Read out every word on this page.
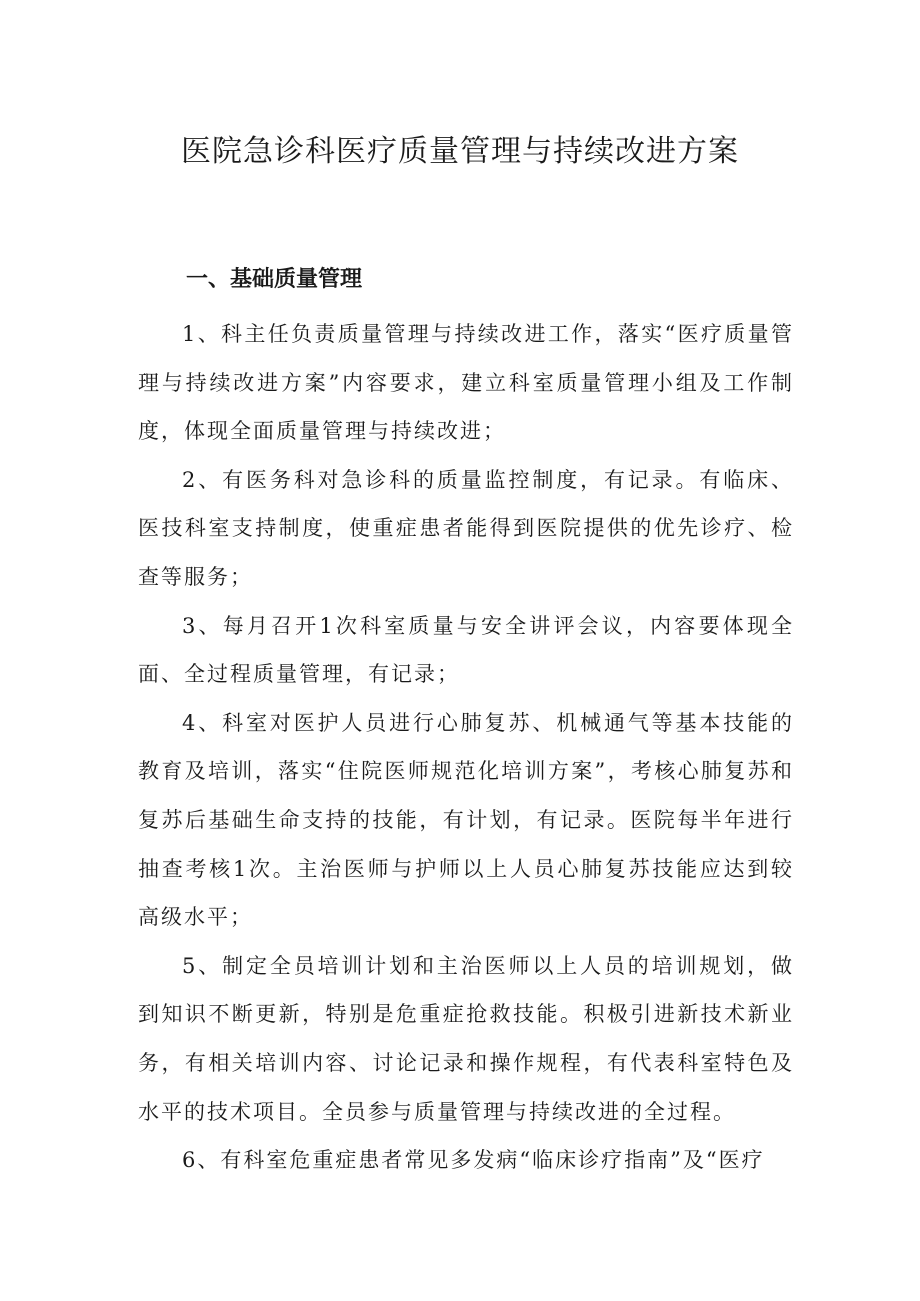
医院急诊科医疗质量管理与持续改进方案
一、基础质量管理

1、科主任负责质量管理与持续改进工作，落实“医疗质量管理与持续改进方案”内容要求，建立科室质量管理小组及工作制度，体现全面质量管理与持续改进；

2、有医务科对急诊科的质量监控制度，有记录。有临床、医技科室支持制度，使重症患者能得到医院提供的优先诊疗、检查等服务；

3、每月召开1次科室质量与安全讲评会议，内容要体现全面、全过程质量管理，有记录；

4、科室对医护人员进行心肺复苏、机械通气等基本技能的教育及培训，落实“住院医师规范化培训方案”，考核心肺复苏和复苏后基础生命支持的技能，有计划，有记录。医院每半年进行抽查考核1次。主治医师与护师以上人员心肺复苏技能应达到较高级水平；

5、制定全员培训计划和主治医师以上人员的培训规划，做到知识不断更新，特别是危重症抢救技能。积极引进新技术新业务，有相关培训内容、讨论记录和操作规程，有代表科室特色及水平的技术项目。全员参与质量管理与持续改进的全过程。

6、有科室危重症患者常见多发病“临床诊疗指南”及“医疗
